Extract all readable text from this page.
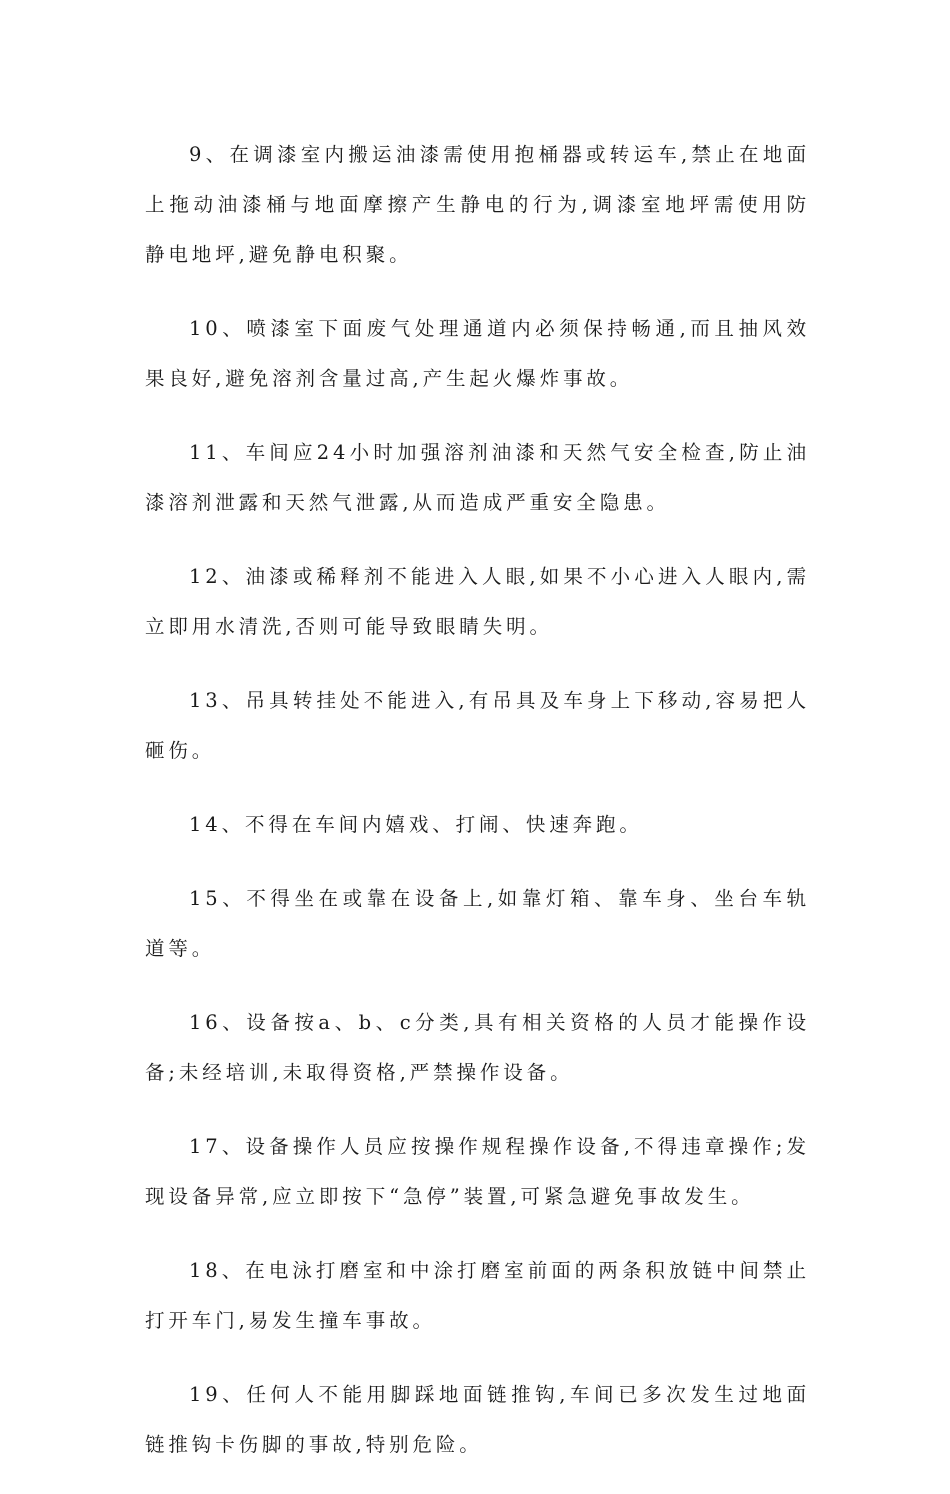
9、在调漆室内搬运油漆需使用抱桶器或转运车,禁止在地面上拖动油漆桶与地面摩擦产生静电的行为,调漆室地坪需使用防静电地坪,避免静电积聚。

10、喷漆室下面废气处理通道内必须保持畅通,而且抽风效果良好,避免溶剂含量过高,产生起火爆炸事故。

11、车间应24小时加强溶剂油漆和天然气安全检查,防止油漆溶剂泄露和天然气泄露,从而造成严重安全隐患。

12、油漆或稀释剂不能进入人眼,如果不小心进入人眼内,需立即用水清洗,否则可能导致眼睛失明。

13、吊具转挂处不能进入,有吊具及车身上下移动,容易把人砸伤。

14、不得在车间内嬉戏、打闹、快速奔跑。

15、不得坐在或靠在设备上,如靠灯箱、靠车身、坐台车轨道等。

16、设备按a、b、c分类,具有相关资格的人员才能操作设备;未经培训,未取得资格,严禁操作设备。

17、设备操作人员应按操作规程操作设备,不得违章操作;发现设备异常,应立即按下“急停”装置,可紧急避免事故发生。

18、在电泳打磨室和中涂打磨室前面的两条积放链中间禁止打开车门,易发生撞车事故。

19、任何人不能用脚踩地面链推钩,车间已多次发生过地面链推钩卡伤脚的事故,特别危险。
